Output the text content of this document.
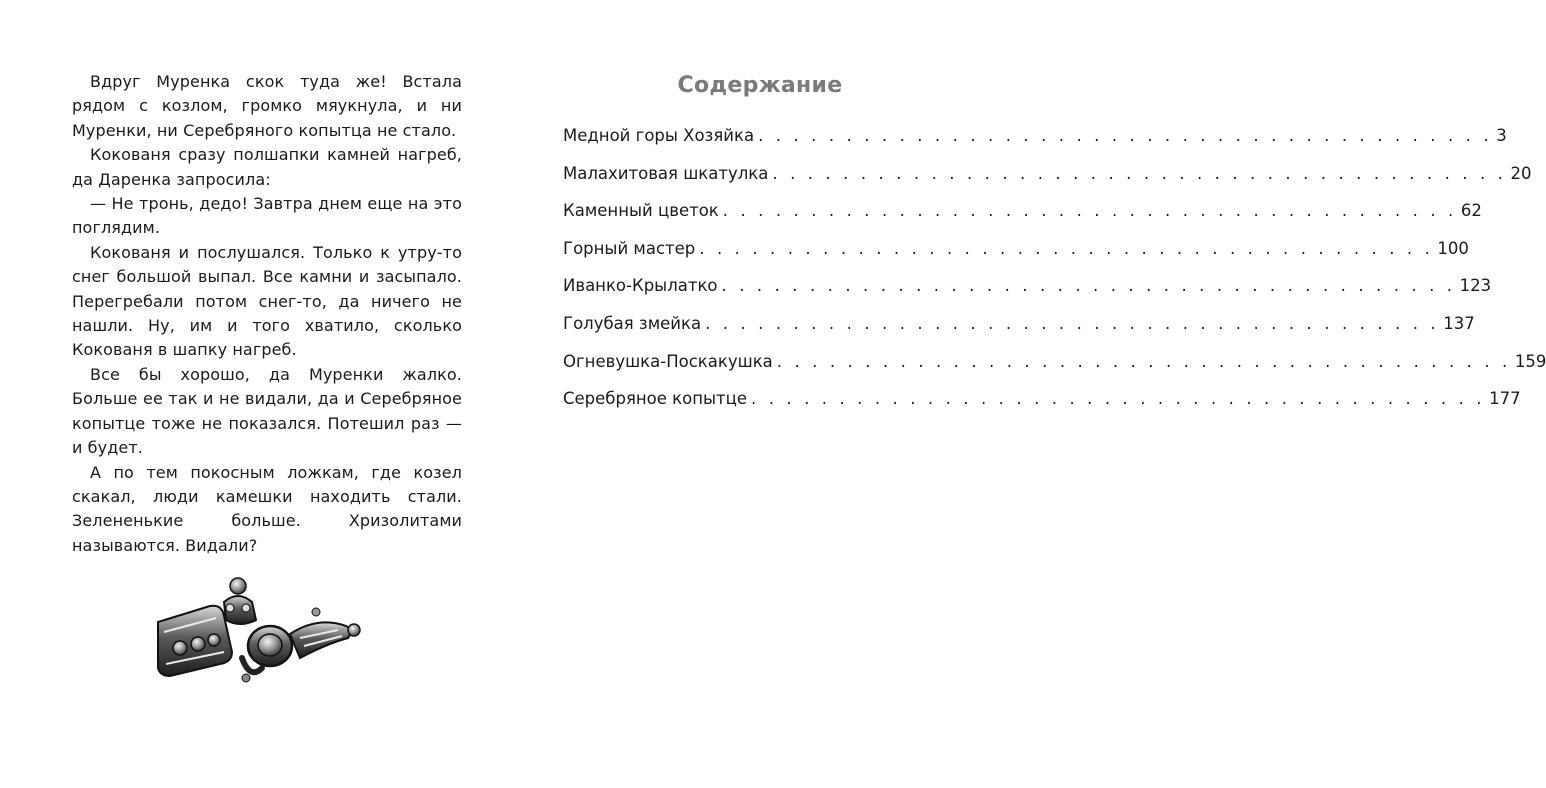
Вдруг Муренка скок туда же! Встала рядом с козлом, громко мяукнула, и ни Муренки, ни Серебряного копытца не стало.

Кокованя сразу полшапки камней нагреб, да Даренка запросила:

— Не тронь, дедо! Завтра днем еще на это поглядим.

Кокованя и послушался. Только к утру-то снег большой выпал. Все камни и засыпало. Перегребали потом снег-то, да ничего не нашли. Ну, им и того хватило, сколько Кокованя в шапку нагреб.

Все бы хорошо, да Муренки жалко. Больше ее так и не видали, да и Серебряное копытце тоже не показался. Потешил раз — и будет.

А по тем покосным ложкам, где козел скакал, люди камешки находить стали. Зелененькие больше. Хризолитами называются. Видали?

Содержание
Медной горы Хозяйка . . . . . . . . . . . . . . . . . . . . . . . . . . . . . . . . . . . . . . . . . . 3
Малахитовая шкатулка . . . . . . . . . . . . . . . . . . . . . . . . . . . . . . . . . . . . . . . . . . 20
Каменный цветок . . . . . . . . . . . . . . . . . . . . . . . . . . . . . . . . . . . . . . . . . . 62
Горный мастер . . . . . . . . . . . . . . . . . . . . . . . . . . . . . . . . . . . . . . . . . . 100
Иванко-Крылатко . . . . . . . . . . . . . . . . . . . . . . . . . . . . . . . . . . . . . . . . . . 123
Голубая змейка . . . . . . . . . . . . . . . . . . . . . . . . . . . . . . . . . . . . . . . . . . 137
Огневушка-Поскакушка . . . . . . . . . . . . . . . . . . . . . . . . . . . . . . . . . . . . . . . . . . 159
Серебряное копытце . . . . . . . . . . . . . . . . . . . . . . . . . . . . . . . . . . . . . . . . . . 177
